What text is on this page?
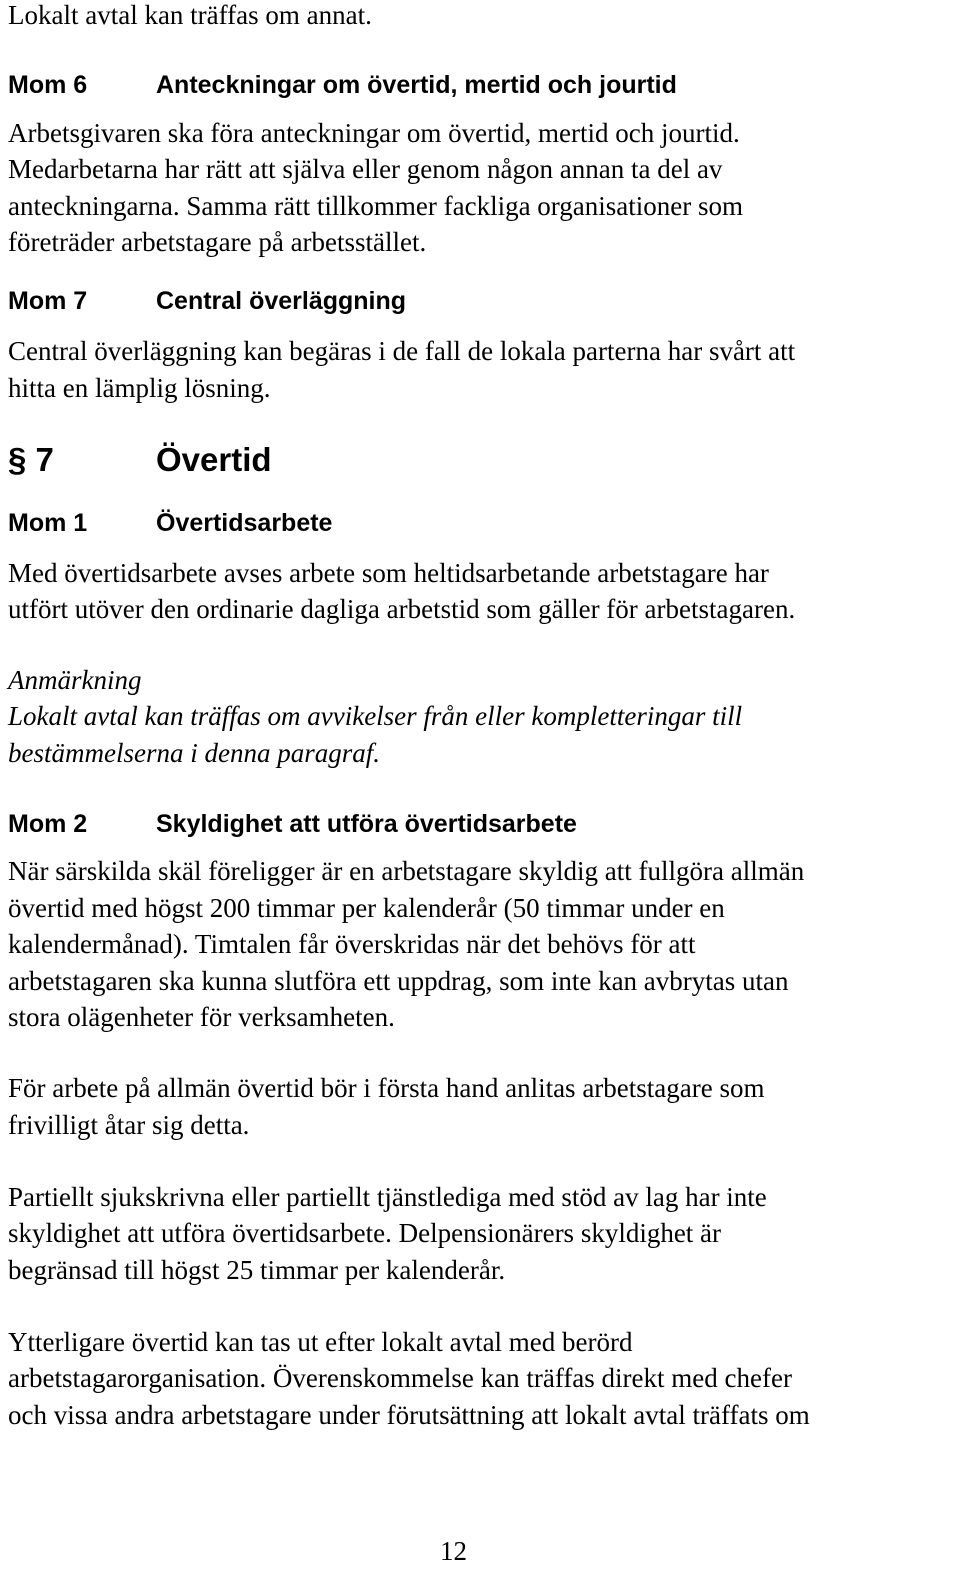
Lokalt avtal kan träffas om annat.

Mom 6	Anteckningar om övertid, mertid och jourtid

Arbetsgivaren ska föra anteckningar om övertid, mertid och jourtid.

Medarbetarna har rätt att själva eller genom någon annan ta del av

anteckningarna. Samma rätt tillkommer fackliga organisationer som

företräder arbetstagare på arbetsstället.

Mom 7	Central överläggning

Central överläggning kan begäras i de fall de lokala parterna har svårt att

hitta en lämplig lösning.

§ 7	Övertid
Mom 1	Övertidsarbete

Med övertidsarbete avses arbete som heltidsarbetande arbetstagare har

utfört utöver den ordinarie dagliga arbetstid som gäller för arbetstagaren.

Anmärkning

Lokalt avtal kan träffas om avvikelser från eller kompletteringar till

bestämmelserna i denna paragraf.

Mom 2	Skyldighet att utföra övertidsarbete

När särskilda skäl föreligger är en arbetstagare skyldig att fullgöra allmän

övertid med högst 200 timmar per kalenderår (50 timmar under en

kalendermånad). Timtalen får överskridas när det behövs för att

arbetstagaren ska kunna slutföra ett uppdrag, som inte kan avbrytas utan

stora olägenheter för verksamheten.

För arbete på allmän övertid bör i första hand anlitas arbetstagare som

frivilligt åtar sig detta.

Partiellt sjukskrivna eller partiellt tjänstlediga med stöd av lag har inte

skyldighet att utföra övertidsarbete. Delpensionärers skyldighet är

begränsad till högst 25 timmar per kalenderår.

Ytterligare övertid kan tas ut efter lokalt avtal med berörd

arbetstagarorganisation. Överenskommelse kan träffas direkt med chefer

och vissa andra arbetstagare under förutsättning att lokalt avtal träffats om

12
